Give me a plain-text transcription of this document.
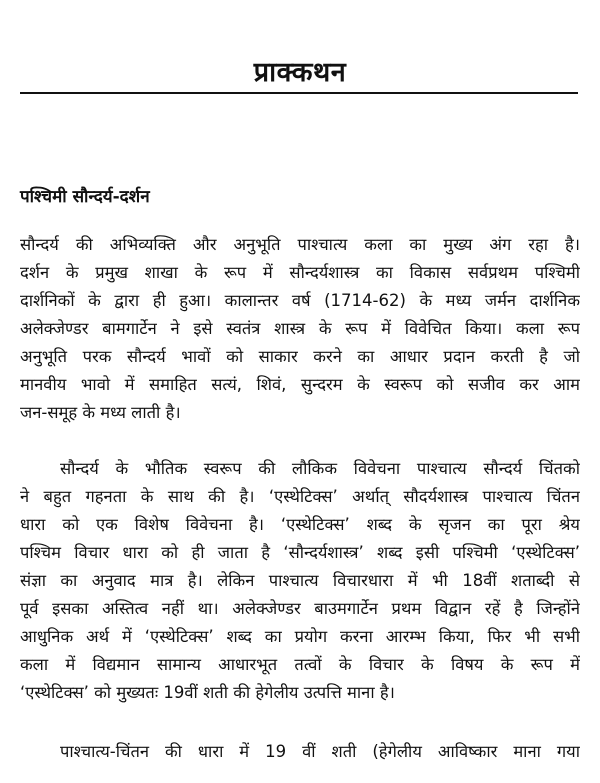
प्राक्कथन
पश्चिमी सौन्दर्य-दर्शन

सौन्दर्य की अभिव्यक्ति और अनुभूति पाश्चात्य कला का मुख्य अंग रहा है।
दर्शन के प्रमुख शाखा के रूप में सौन्दर्यशास्त्र का विकास सर्वप्रथम पश्चिमी
दार्शनिकों के द्वारा ही हुआ। कालान्तर वर्ष (1714-62) के मध्य जर्मन दार्शनिक
अलेक्जेण्डर बामगार्टेन ने इसे स्वतंत्र शास्त्र के रूप में विवेचित किया। कला रूप
अनुभूति परक सौन्दर्य भावों को साकार करने का आधार प्रदान करती है जो
मानवीय भावो में समाहित सत्यं, शिवं, सुन्दरम के स्वरूप को सजीव कर आम
जन-समूह के मध्य लाती है।

सौन्दर्य के भौतिक स्वरूप की लौकिक विवेचना पाश्चात्य सौन्दर्य चिंतको
ने बहुत गहनता के साथ की है। ‘एस्थेटिक्स’ अर्थात् सौदर्यशास्त्र पाश्चात्य चिंतन
धारा को एक विशेष विवेचना है। ‘एस्थेटिक्स’ शब्द के सृजन का पूरा श्रेय
पश्चिम विचार धारा को ही जाता है ‘सौन्दर्यशास्त्र’ शब्द इसी पश्चिमी ‘एस्थेटिक्स’
संज्ञा का अनुवाद मात्र है। लेकिन पाश्चात्य विचारधारा में भी 18वीं शताब्दी से
पूर्व इसका अस्तित्व नहीं था। अलेक्जेण्डर बाउमगार्टेन प्रथम विद्वान रहें है जिन्होंने
आधुनिक अर्थ में ‘एस्थेटिक्स’ शब्द का प्रयोग करना आरम्भ किया, फिर भी सभी
कला में विद्यमान सामान्य आधारभूत तत्वों के विचार के विषय के रूप में
‘एस्थेटिक्स’ को मुख्यतः 19वीं शती की हेगेलीय उत्पत्ति माना है।

पाश्चात्य-चिंतन की धारा में 19 वीं शती (हेगेलीय आविष्कार माना गया
